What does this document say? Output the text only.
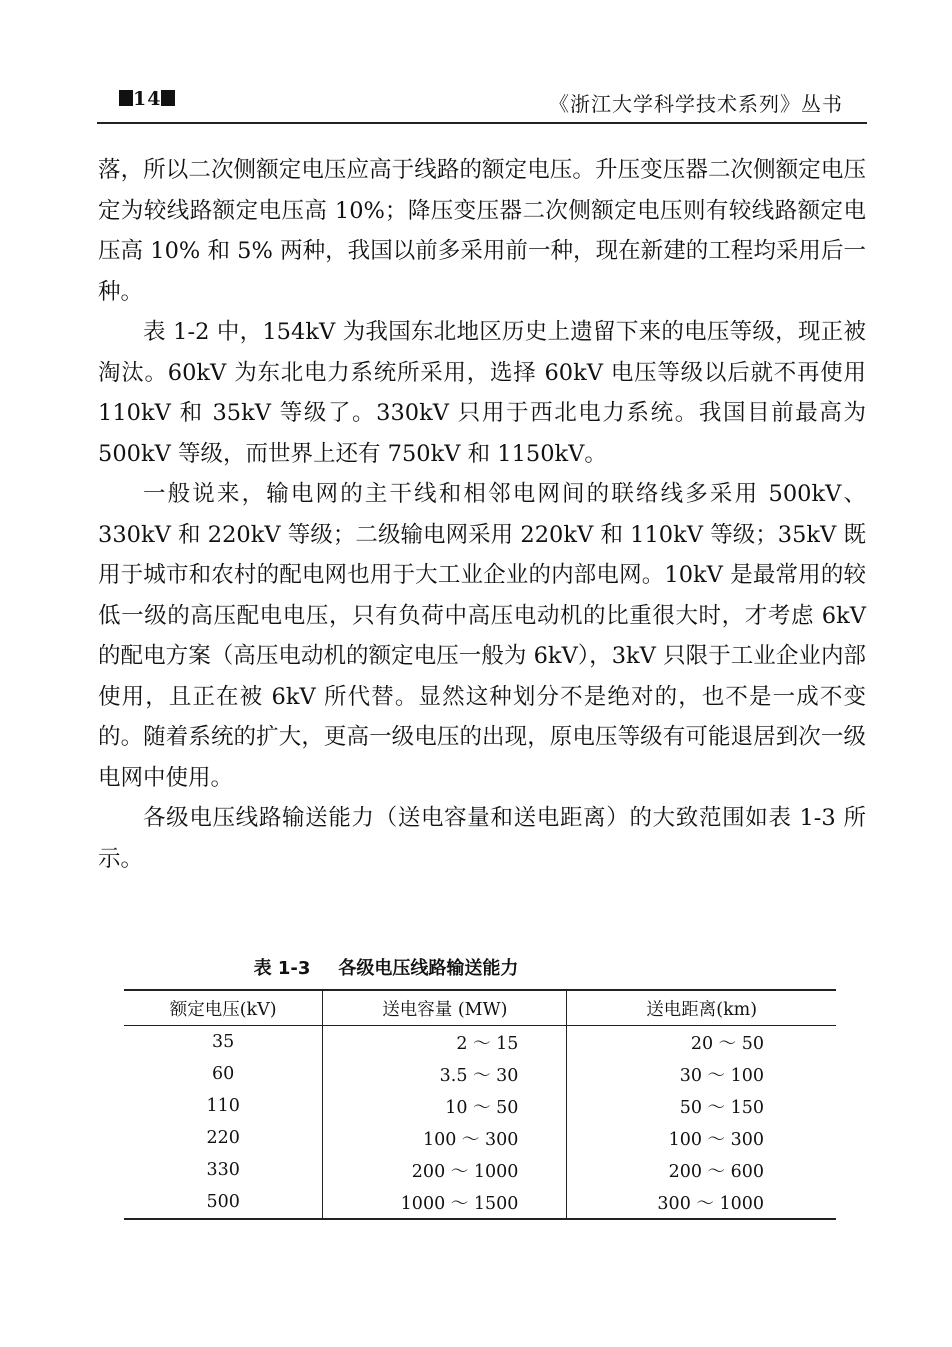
14	《浙江大学科学技术系列》丛书

落，所以二次侧额定电压应高于线路的额定电压。升压变压器二次侧额定电压定为较线路额定电压高 10%；降压变压器二次侧额定电压则有较线路额定电压高 10% 和 5% 两种，我国以前多采用前一种，现在新建的工程均采用后一种。

表 1-2 中，154kV 为我国东北地区历史上遗留下来的电压等级，现正被淘汰。60kV 为东北电力系统所采用，选择 60kV 电压等级以后就不再使用 110kV 和 35kV 等级了。330kV 只用于西北电力系统。我国目前最高为 500kV 等级，而世界上还有 750kV 和 1150kV。

一般说来，输电网的主干线和相邻电网间的联络线多采用 500kV、330kV 和 220kV 等级；二级输电网采用 220kV 和 110kV 等级；35kV 既用于城市和农村的配电网也用于大工业企业的内部电网。10kV 是最常用的较低一级的高压配电电压，只有负荷中高压电动机的比重很大时，才考虑 6kV 的配电方案（高压电动机的额定电压一般为 6kV），3kV 只限于工业企业内部使用，且正在被 6kV 所代替。显然这种划分不是绝对的，也不是一成不变的。随着系统的扩大，更高一级电压的出现，原电压等级有可能退居到次一级电网中使用。

各级电压线路输送能力（送电容量和送电距离）的大致范围如表 1-3 所示。

表 1-3 各级电压线路输送能力
额定电压(kV)	送电容量 (MW)	送电距离(km)
35	2 ～ 15	20 ～ 50
60	3.5 ～ 30	30 ～ 100
110	10 ～ 50	50 ～ 150
220	100 ～ 300	100 ～ 300
330	200 ～ 1000	200 ～ 600
500	1000 ～ 1500	300 ～ 1000
